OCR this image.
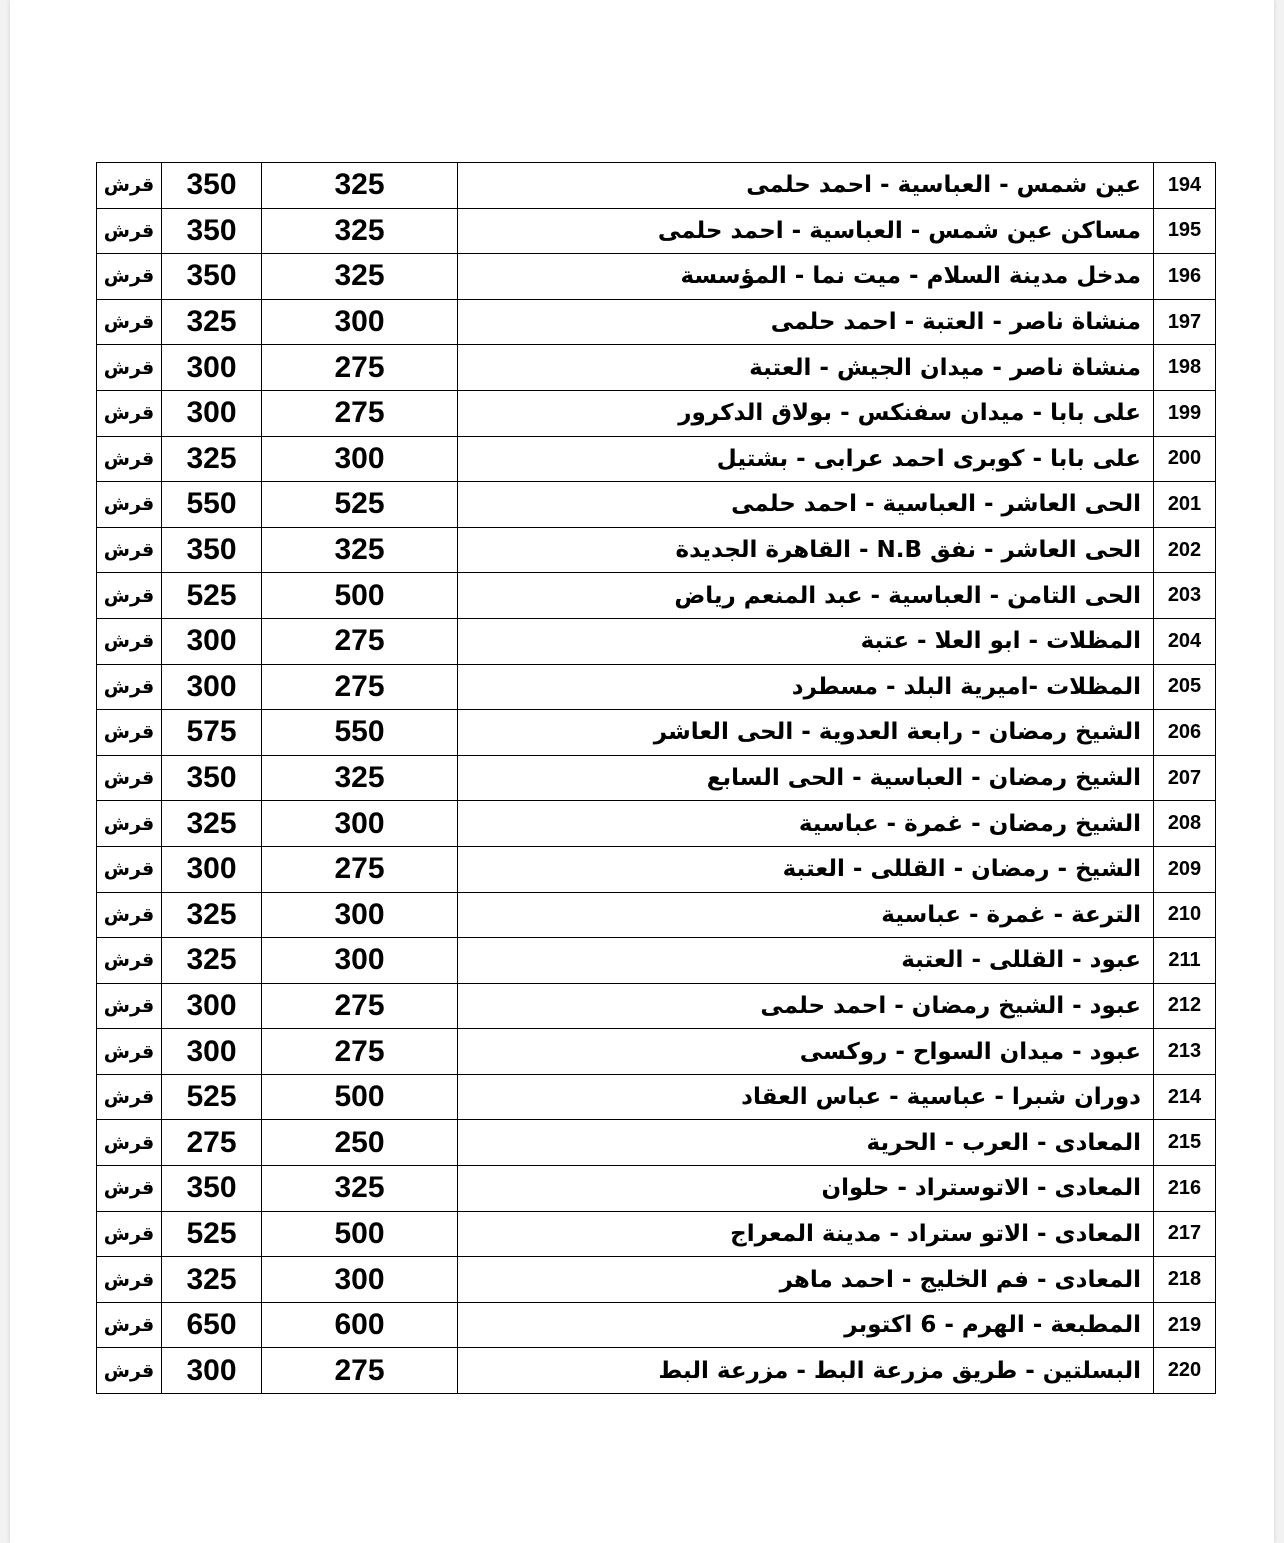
قرش	350	325	عين شمس - العباسية - احمد حلمى	194
قرش	350	325	مساكن عين شمس - العباسية - احمد حلمى	195
قرش	350	325	مدخل مدينة السلام - ميت نما - المؤسسة	196
قرش	325	300	منشاة ناصر - العتبة - احمد حلمى	197
قرش	300	275	منشاة ناصر - ميدان الجيش - العتبة	198
قرش	300	275	على بابا - ميدان سفنكس - بولاق الدكرور	199
قرش	325	300	على بابا - كوبرى احمد عرابى - بشتيل	200
قرش	550	525	الحى العاشر - العباسية - احمد حلمى	201
قرش	350	325	الحى العاشر - نفق N.B - القاهرة الجديدة	202
قرش	525	500	الحى التامن - العباسية - عبد المنعم رياض	203
قرش	300	275	المظلات - ابو العلا - عتبة	204
قرش	300	275	المظلات -اميرية البلد - مسطرد	205
قرش	575	550	الشيخ رمضان - رابعة العدوية - الحى العاشر	206
قرش	350	325	الشيخ رمضان - العباسية - الحى السابع	207
قرش	325	300	الشيخ رمضان - غمرة - عباسية	208
قرش	300	275	الشيخ - رمضان - القللى - العتبة	209
قرش	325	300	الترعة - غمرة - عباسية	210
قرش	325	300	عبود - القللى - العتبة	211
قرش	300	275	عبود - الشيخ رمضان - احمد حلمى	212
قرش	300	275	عبود - ميدان السواح - روكسى	213
قرش	525	500	دوران شبرا - عباسية - عباس العقاد	214
قرش	275	250	المعادى - العرب - الحرية	215
قرش	350	325	المعادى - الاتوستراد - حلوان	216
قرش	525	500	المعادى - الاتو ستراد - مدينة المعراج	217
قرش	325	300	المعادى - فم الخليج - احمد ماهر	218
قرش	650	600	المطبعة - الهرم - 6 اكتوبر	219
قرش	300	275	البسلتين - طريق مزرعة البط - مزرعة البط	220
